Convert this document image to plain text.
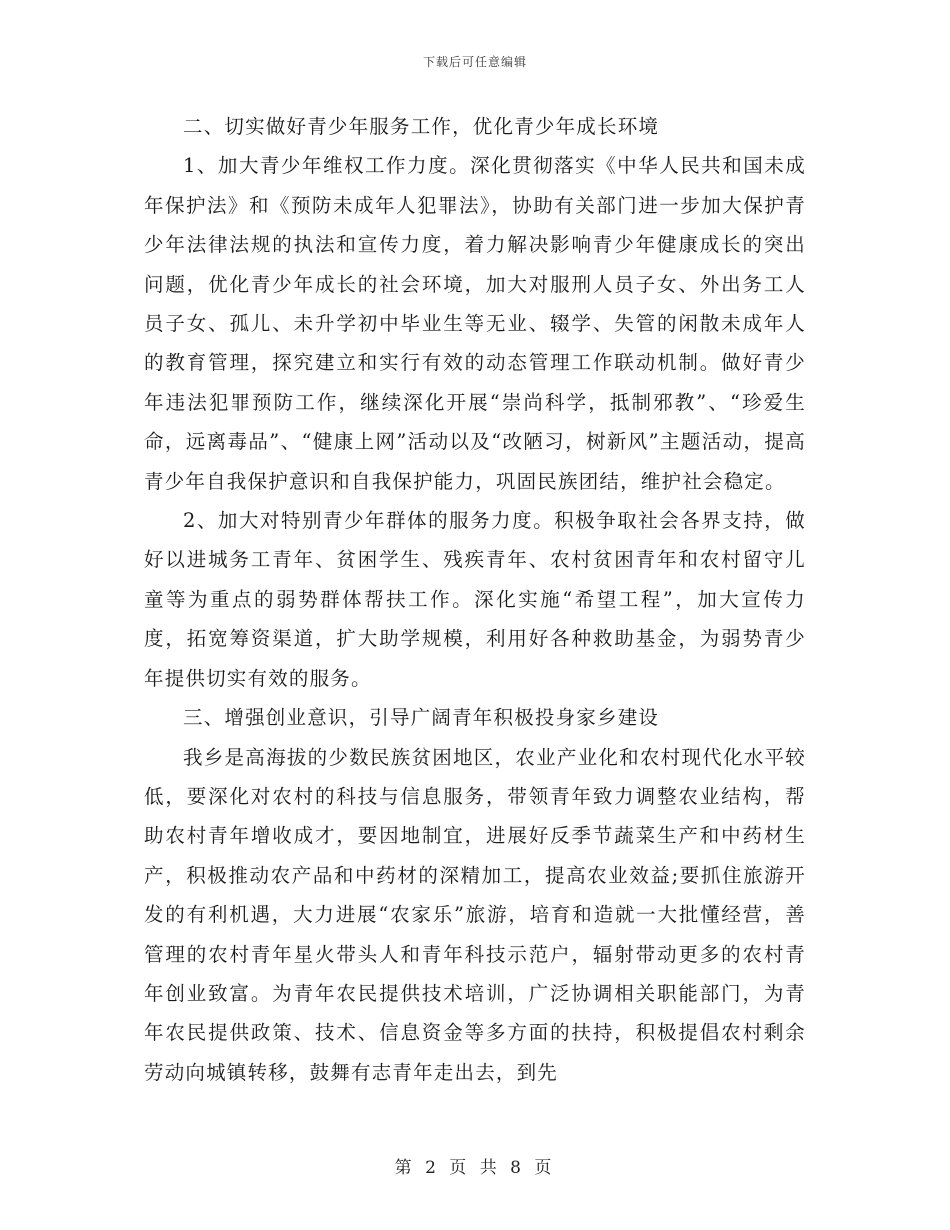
下载后可任意编辑

二、切实做好青少年服务工作，优化青少年成长环境

1、加大青少年维权工作力度。深化贯彻落实《中华人民共和国未成年保护法》和《预防未成年人犯罪法》，协助有关部门进一步加大保护青少年法律法规的执法和宣传力度，着力解决影响青少年健康成长的突出问题，优化青少年成长的社会环境，加大对服刑人员子女、外出务工人员子女、孤儿、未升学初中毕业生等无业、辍学、失管的闲散未成年人的教育管理，探究建立和实行有效的动态管理工作联动机制。做好青少年违法犯罪预防工作，继续深化开展“崇尚科学，抵制邪教”、“珍爱生命，远离毒品”、“健康上网”活动以及“改陋习，树新风”主题活动，提高青少年自我保护意识和自我保护能力，巩固民族团结，维护社会稳定。

2、加大对特别青少年群体的服务力度。积极争取社会各界支持，做好以进城务工青年、贫困学生、残疾青年、农村贫困青年和农村留守儿童等为重点的弱势群体帮扶工作。深化实施“希望工程”，加大宣传力度，拓宽筹资渠道，扩大助学规模，利用好各种救助基金，为弱势青少年提供切实有效的服务。

三、增强创业意识，引导广阔青年积极投身家乡建设

我乡是高海拔的少数民族贫困地区，农业产业化和农村现代化水平较低，要深化对农村的科技与信息服务，带领青年致力调整农业结构，帮助农村青年增收成才，要因地制宜，进展好反季节蔬菜生产和中药材生产，积极推动农产品和中药材的深精加工，提高农业效益;要抓住旅游开发的有利机遇，大力进展“农家乐”旅游，培育和造就一大批懂经营，善管理的农村青年星火带头人和青年科技示范户，辐射带动更多的农村青年创业致富。为青年农民提供技术培训，广泛协调相关职能部门，为青年农民提供政策、技术、信息资金等多方面的扶持，积极提倡农村剩余劳动向城镇转移，鼓舞有志青年走出去，到先

第 2 页 共 8 页
